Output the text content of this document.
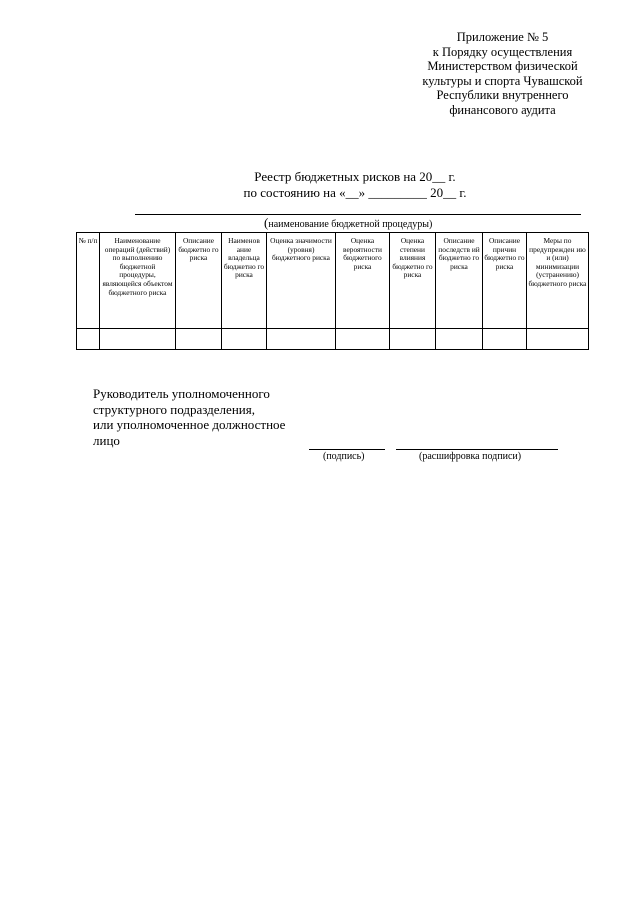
Приложение № 5
к Порядку осуществления
Министерством физической
культуры и спорта Чувашской
Республики внутреннего
финансового аудита
Реестр бюджетных рисков на 20__ г.
по состоянию на «__» _________ 20__ г.
(наименование бюджетной процедуры)
№ п/п	Наименование операций (действий) по выполнению бюджетной процедуры, являющейся объектом бюджетного риска	Описание бюджетно го риска	Наименов ание владельца бюджетно го риска	Оценка значимости (уровня) бюджетного риска	Оценка вероятности бюджетного риска	Оценка степени влияния бюджетно го риска	Описание последств ий бюджетно го риска	Описание причин бюджетно го риска	Меры по предупрежден ию и (или) минимизации (устранению) бюджетного риска

Руководитель уполномоченного
структурного подразделения,
или уполномоченное должностное
лицо
(подпись)	(расшифровка подписи)
